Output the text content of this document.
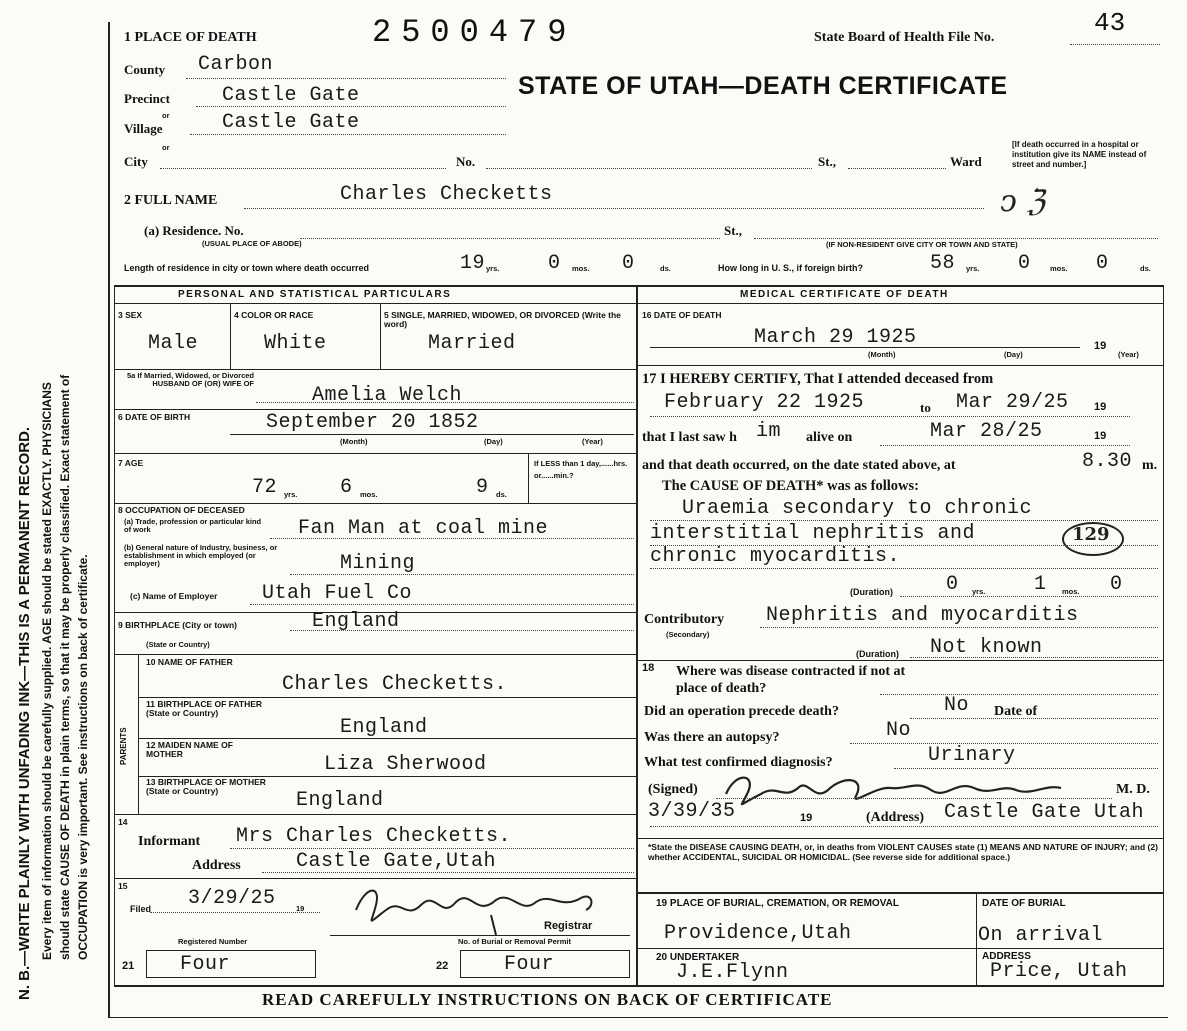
N. B.—WRITE PLAINLY WITH UNFADING INK—THIS IS A PERMANENT RECORD. Every item of information should be carefully supplied. AGE should be stated EXACTLY. PHYSICIANS should state CAUSE OF DEATH in plain terms, so that it may be properly classified. Exact statement of OCCUPATION is very important. See instructions on back of certificate.
1 PLACE OF DEATH	2500479	State Board of Health File No.	43
STATE OF UTAH—DEATH CERTIFICATE
County Carbon
Precinct	Castle Gate
or
Village	Castle Gate
or
City	No.	St.,	Ward
[If death occurred in a hospital or institution give its NAME instead of street and number.]
ↄ ℨ
2 FULL NAME	Charles Checketts
(a) Residence. No.
(USUAL PLACE OF ABODE)
St.,
(IF NON-RESIDENT GIVE CITY OR TOWN AND STATE)
Length of residence in city or town where death occurred	19 yrs. 0 mos. 0	ds.	How long in U. S., if foreign birth?	58 yrs. 0	mos. 0	ds.
PERSONAL AND STATISTICAL PARTICULARS
3 SEX
Male
4 COLOR OR RACE
White
5 SINGLE, MARRIED, WIDOWED, OR DIVORCED (Write the word)
Married
5a If Married, Widowed, or Divorced HUSBAND OF (OR) WIFE OF
Amelia Welch
6 DATE OF BIRTH	September 20 1852
(Month)	(Day)	(Year)
7 AGE
72 yrs. 6 mos.	9 ds.
If LESS than 1 day,......hrs. or......min.?
8 OCCUPATION OF DECEASED
(a) Trade, profession or particular kind of work	Fan Man at coal mine
(b) General nature of Industry, business, or establishment in which employed (or employer)	Mining
(c) Name of Employer Utah Fuel Co
9 BIRTHPLACE (City or town)
(State or Country)
England
PARENTS
10 NAME OF FATHER
Charles Checketts.
11 BIRTHPLACE OF FATHER (State or Country)
England
12 MAIDEN NAME OF MOTHER	Liza Sherwood
13 BIRTHPLACE OF MOTHER (State or Country)	England
14
Informant Mrs Charles Checketts.
Address	Castle Gate,Utah
15
Filed 3/29/25	19
Registrar
Registered Number	No. of Burial or Removal Permit
21 Four	22	Four
MEDICAL CERTIFICATE OF DEATH
16 DATE OF DEATH
March 29 1925
(Month)	(Day)
19
(Year)
17 I HEREBY CERTIFY, That I attended deceased from
February 22 1925	to Mar 29/25 19
that I last saw h im alive on	Mar 28/25	19
and that death occurred, on the date stated above, at	8.30 m.
The CAUSE OF DEATH* was as follows:
Uraemia secondary to chronic
interstitial nephritis and	129
chronic myocarditis.
(Duration)	0 yrs. 1 mos. 0
Contributory
(Secondary)
Nephritis and myocarditis
(Duration) Not known
18 Where was disease contracted if not at place of death?
Did an operation precede death?	No Date of
Was there an autopsy?	No
What test confirmed diagnosis?	Urinary
(Signed)	M. D.
3/39/35	19	(Address) Castle Gate Utah
*State the DISEASE CAUSING DEATH, or, in deaths from VIOLENT CAUSES state (1) MEANS AND NATURE OF INJURY; and (2) whether ACCIDENTAL, SUICIDAL OR HOMICIDAL. (See reverse side for additional space.)
19 PLACE OF BURIAL, CREMATION, OR REMOVAL	DATE OF BURIAL
Providence,Utah	On arrival
20 UNDERTAKER
J.E.Flynn
ADDRESS
Price, Utah
READ CAREFULLY INSTRUCTIONS ON BACK OF CERTIFICATE
